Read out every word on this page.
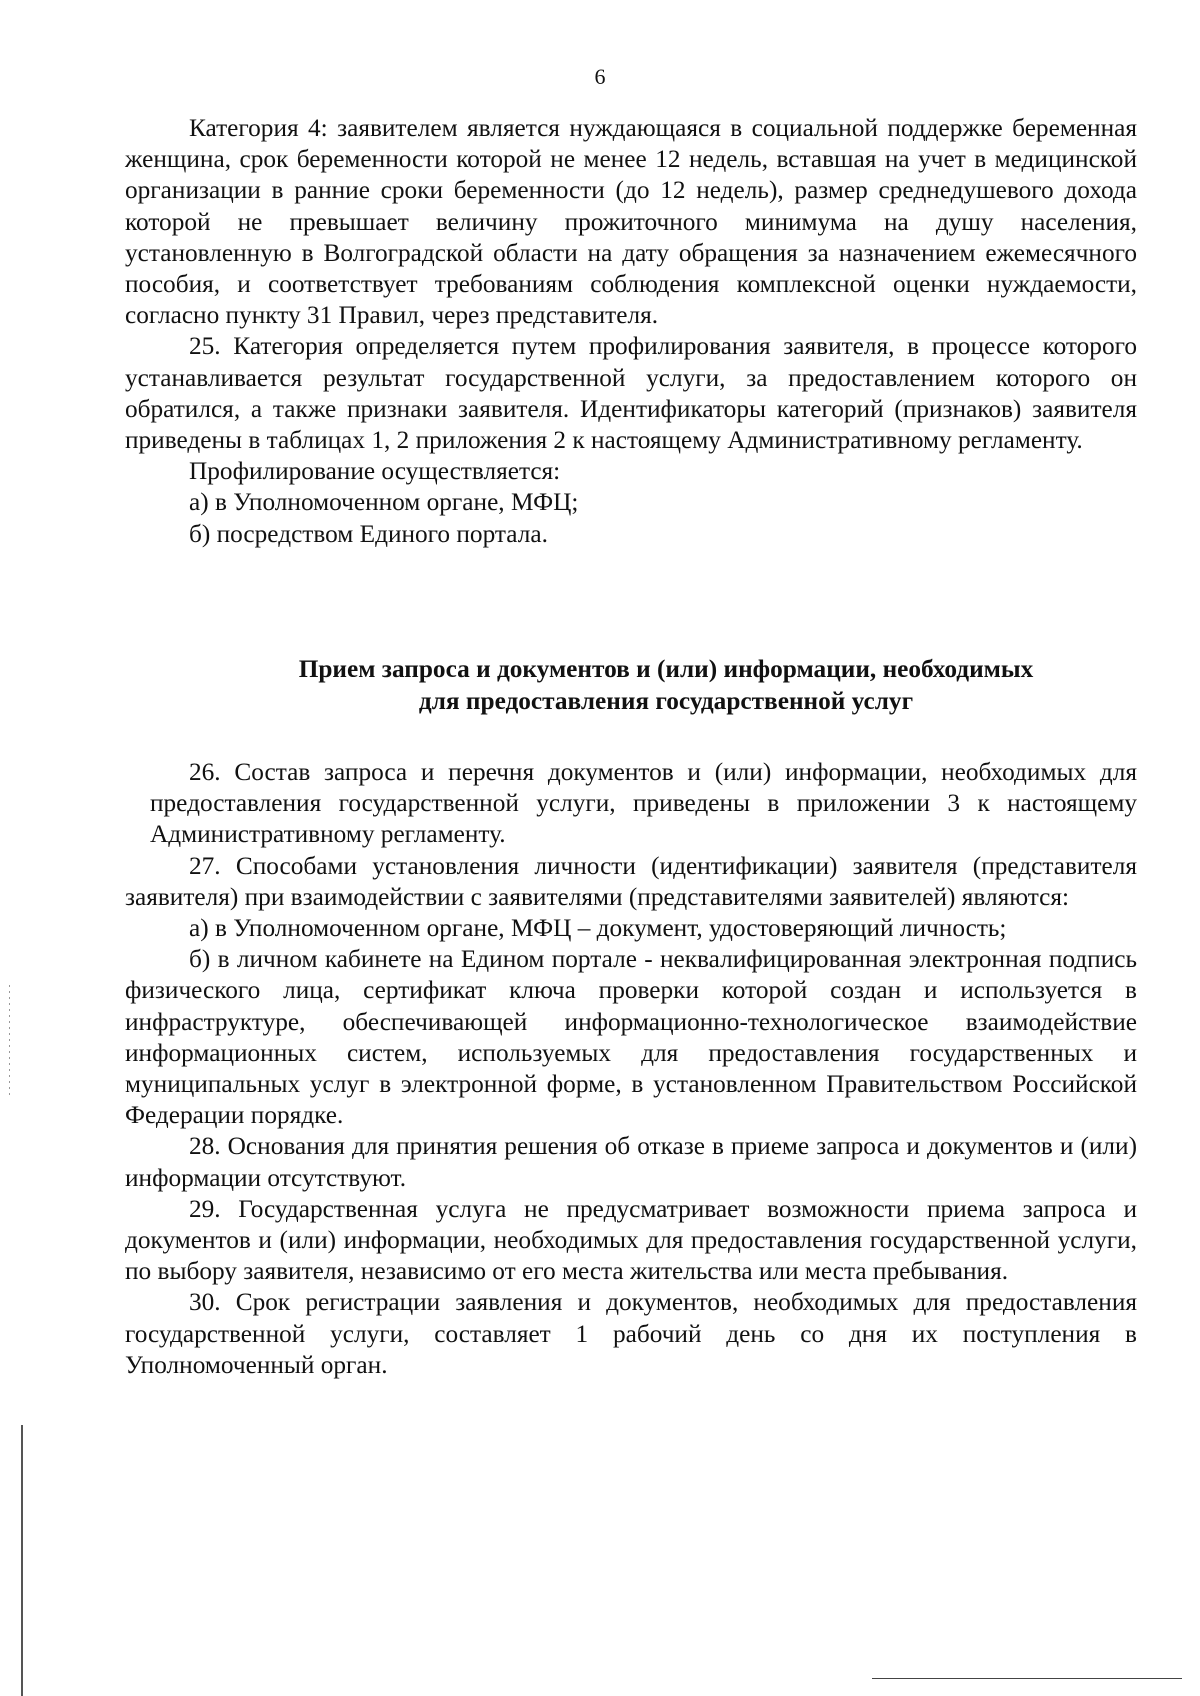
6

Категория 4: заявителем является нуждающаяся в социальной поддержке беременная женщина, срок беременности которой не менее 12 недель, вставшая на учет в медицинской организации в ранние сроки беременности (до 12 недель), размер среднедушевого дохода которой не превышает величину прожиточного минимума на душу населения, установленную в Волгоградской области на дату обращения за назначением ежемесячного пособия, и соответствует требованиям соблюдения комплексной оценки нуждаемости, согласно пункту 31 Правил, через представителя.

25. Категория определяется путем профилирования заявителя, в процессе которого устанавливается результат государственной услуги, за предоставлением которого он обратился, а также признаки заявителя. Идентификаторы категорий (признаков) заявителя приведены в таблицах 1, 2 приложения 2 к настоящему Административному регламенту.

Профилирование осуществляется:

а) в Уполномоченном органе, МФЦ;

б) посредством Единого портала.

Прием запроса и документов и (или) информации, необходимых
для предоставления государственной услуг

26. Состав запроса и перечня документов и (или) информации, необходимых для предоставления государственной услуги, приведены в приложении 3 к настоящему Административному регламенту.

27. Способами установления личности (идентификации) заявителя (представителя заявителя) при взаимодействии с заявителями (представителями заявителей) являются:

а) в Уполномоченном органе, МФЦ – документ, удостоверяющий личность;

б) в личном кабинете на Едином портале - неквалифицированная электронная подпись физического лица, сертификат ключа проверки которой создан и используется в инфраструктуре, обеспечивающей информационно-технологическое взаимодействие информационных систем, используемых для предоставления государственных и муниципальных услуг в электронной форме, в установленном Правительством Российской Федерации порядке.

28. Основания для принятия решения об отказе в приеме запроса и документов и (или) информации отсутствуют.

29. Государственная услуга не предусматривает возможности приема запроса и документов и (или) информации, необходимых для предоставления государственной услуги, по выбору заявителя, независимо от его места жительства или места пребывания.

30. Срок регистрации заявления и документов, необходимых для предоставления государственной услуги, составляет 1 рабочий день со дня их поступления в Уполномоченный орган.
